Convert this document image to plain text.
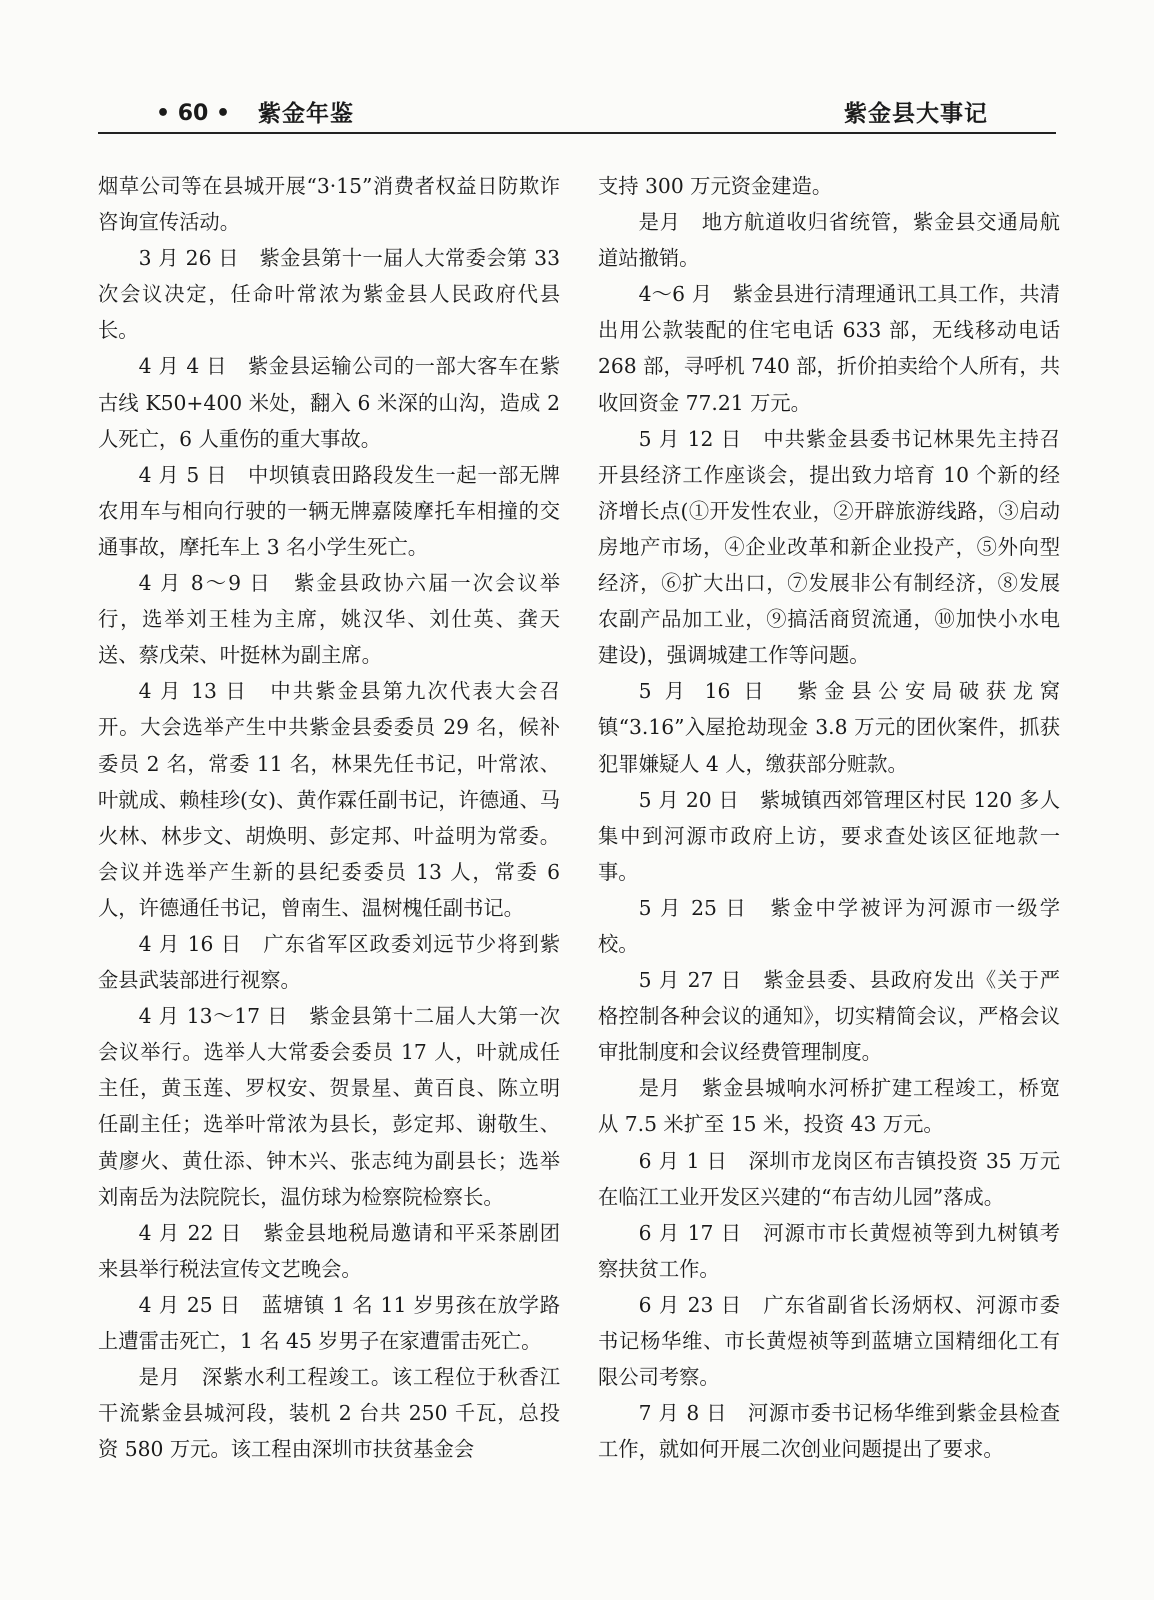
• 60 • 紫金年鉴	紫金县大事记

烟草公司等在县城开展“3·15”消费者权益日防欺诈咨询宣传活动。

3 月 26 日　紫金县第十一届人大常委会第 33 次会议决定，任命叶常浓为紫金县人民政府代县长。

4 月 4 日　紫金县运输公司的一部大客车在紫古线 K50+400 米处，翻入 6 米深的山沟，造成 2 人死亡，6 人重伤的重大事故。

4 月 5 日　中坝镇袁田路段发生一起一部无牌农用车与相向行驶的一辆无牌嘉陵摩托车相撞的交通事故，摩托车上 3 名小学生死亡。

4 月 8～9 日　紫金县政协六届一次会议举行，选举刘王桂为主席，姚汉华、刘仕英、龚天送、蔡戊荣、叶挺林为副主席。

4 月 13 日　中共紫金县第九次代表大会召开。大会选举产生中共紫金县委委员 29 名，候补委员 2 名，常委 11 名，林果先任书记，叶常浓、叶就成、赖桂珍(女)、黄作霖任副书记，许德通、马火林、林步文、胡焕明、彭定邦、叶益明为常委。会议并选举产生新的县纪委委员 13 人，常委 6 人，许德通任书记，曾南生、温树槐任副书记。

4 月 16 日　广东省军区政委刘远节少将到紫金县武装部进行视察。

4 月 13～17 日　紫金县第十二届人大第一次会议举行。选举人大常委会委员 17 人，叶就成任主任，黄玉莲、罗权安、贺景星、黄百良、陈立明任副主任；选举叶常浓为县长，彭定邦、谢敬生、黄廖火、黄仕添、钟木兴、张志纯为副县长；选举刘南岳为法院院长，温仿球为检察院检察长。

4 月 22 日　紫金县地税局邀请和平采茶剧团来县举行税法宣传文艺晚会。

4 月 25 日　蓝塘镇 1 名 11 岁男孩在放学路上遭雷击死亡，1 名 45 岁男子在家遭雷击死亡。

是月　深紫水利工程竣工。该工程位于秋香江干流紫金县城河段，装机 2 台共 250 千瓦，总投资 580 万元。该工程由深圳市扶贫基金会

支持 300 万元资金建造。

是月　地方航道收归省统管，紫金县交通局航道站撤销。

4～6 月　紫金县进行清理通讯工具工作，共清出用公款装配的住宅电话 633 部，无线移动电话 268 部，寻呼机 740 部，折价拍卖给个人所有，共收回资金 77.21 万元。

5 月 12 日　中共紫金县委书记林果先主持召开县经济工作座谈会，提出致力培育 10 个新的经济增长点(①开发性农业，②开辟旅游线路，③启动房地产市场，④企业改革和新企业投产，⑤外向型经济，⑥扩大出口，⑦发展非公有制经济，⑧发展农副产品加工业，⑨搞活商贸流通，⑩加快小水电建设)，强调城建工作等问题。

5 月 16 日　紫金县公安局破获龙窝镇“3.16”入屋抢劫现金 3.8 万元的团伙案件，抓获犯罪嫌疑人 4 人，缴获部分赃款。

5 月 20 日　紫城镇西郊管理区村民 120 多人集中到河源市政府上访，要求查处该区征地款一事。

5 月 25 日　紫金中学被评为河源市一级学校。

5 月 27 日　紫金县委、县政府发出《关于严格控制各种会议的通知》，切实精简会议，严格会议审批制度和会议经费管理制度。

是月　紫金县城响水河桥扩建工程竣工，桥宽从 7.5 米扩至 15 米，投资 43 万元。

6 月 1 日　深圳市龙岗区布吉镇投资 35 万元在临江工业开发区兴建的“布吉幼儿园”落成。

6 月 17 日　河源市市长黄煜祯等到九树镇考察扶贫工作。

6 月 23 日　广东省副省长汤炳权、河源市委书记杨华维、市长黄煜祯等到蓝塘立国精细化工有限公司考察。

7 月 8 日　河源市委书记杨华维到紫金县检查工作，就如何开展二次创业问题提出了要求。
